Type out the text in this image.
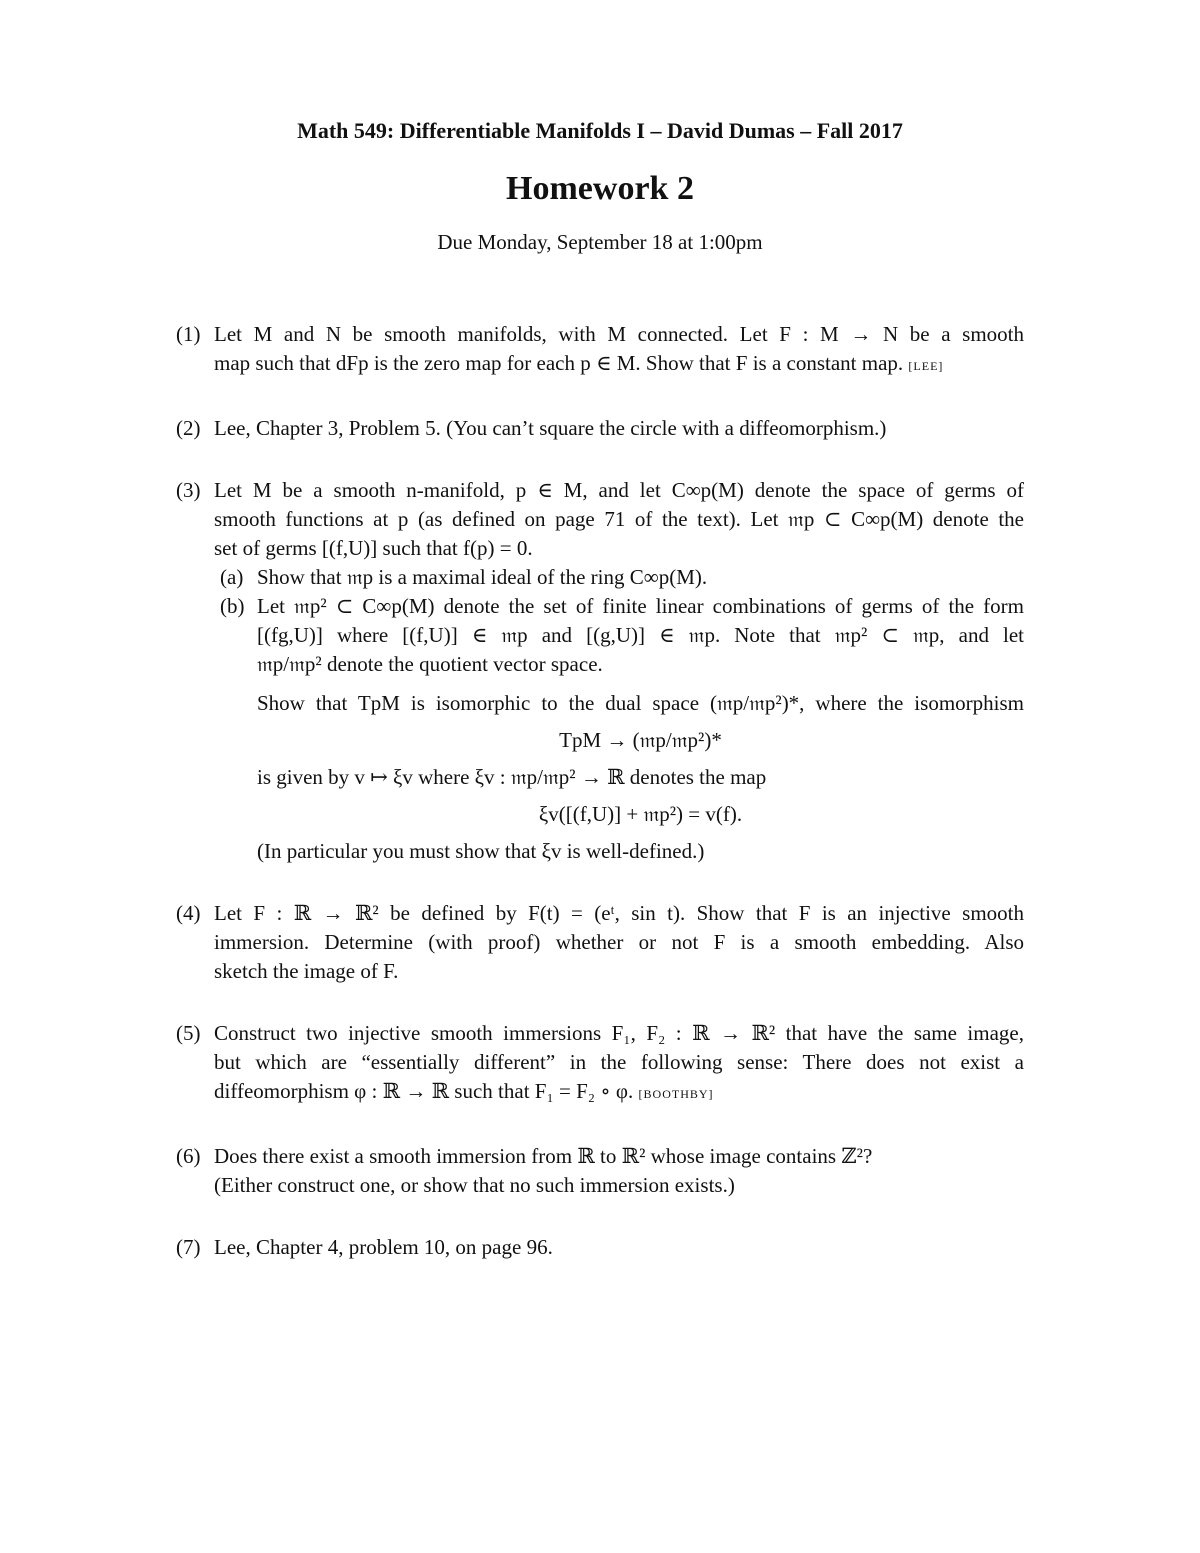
Math 549: Differentiable Manifolds I – David Dumas – Fall 2017
Homework 2
Due Monday, September 18 at 1:00pm
(1) Let M and N be smooth manifolds, with M connected. Let F : M → N be a smooth
map such that dFp is the zero map for each p ∈ M. Show that F is a constant map. [LEE]
(2) Lee, Chapter 3, Problem 5. (You can’t square the circle with a diffeomorphism.)
(3) Let M be a smooth n-manifold, p ∈ M, and let C∞p(M) denote the space of germs of
smooth functions at p (as defined on page 71 of the text). Let 𝔪p ⊂ C∞p(M) denote the
set of germs [(f,U)] such that f(p) = 0.
(a) Show that 𝔪p is a maximal ideal of the ring C∞p(M).
(b) Let 𝔪p² ⊂ C∞p(M) denote the set of finite linear combinations of germs of the form
[(fg,U)] where [(f,U)] ∈ 𝔪p and [(g,U)] ∈ 𝔪p. Note that 𝔪p² ⊂ 𝔪p, and let
𝔪p/𝔪p² denote the quotient vector space.
Show that TpM is isomorphic to the dual space (𝔪p/𝔪p²)*, where the isomorphism
TpM → (𝔪p/𝔪p²)*
is given by v ↦ ξv where ξv : 𝔪p/𝔪p² → ℝ denotes the map
ξv([(f,U)] + 𝔪p²) = v(f).
(In particular you must show that ξv is well-defined.)
(4) Let F : ℝ → ℝ² be defined by F(t) = (eᵗ, sin t). Show that F is an injective smooth
immersion. Determine (with proof) whether or not F is a smooth embedding. Also
sketch the image of F.
(5) Construct two injective smooth immersions F₁, F₂ : ℝ → ℝ² that have the same image,
but which are “essentially different” in the following sense: There does not exist a
diffeomorphism φ : ℝ → ℝ such that F₁ = F₂ ∘ φ. [BOOTHBY]
(6) Does there exist a smooth immersion from ℝ to ℝ² whose image contains ℤ²?
(Either construct one, or show that no such immersion exists.)
(7) Lee, Chapter 4, problem 10, on page 96.
